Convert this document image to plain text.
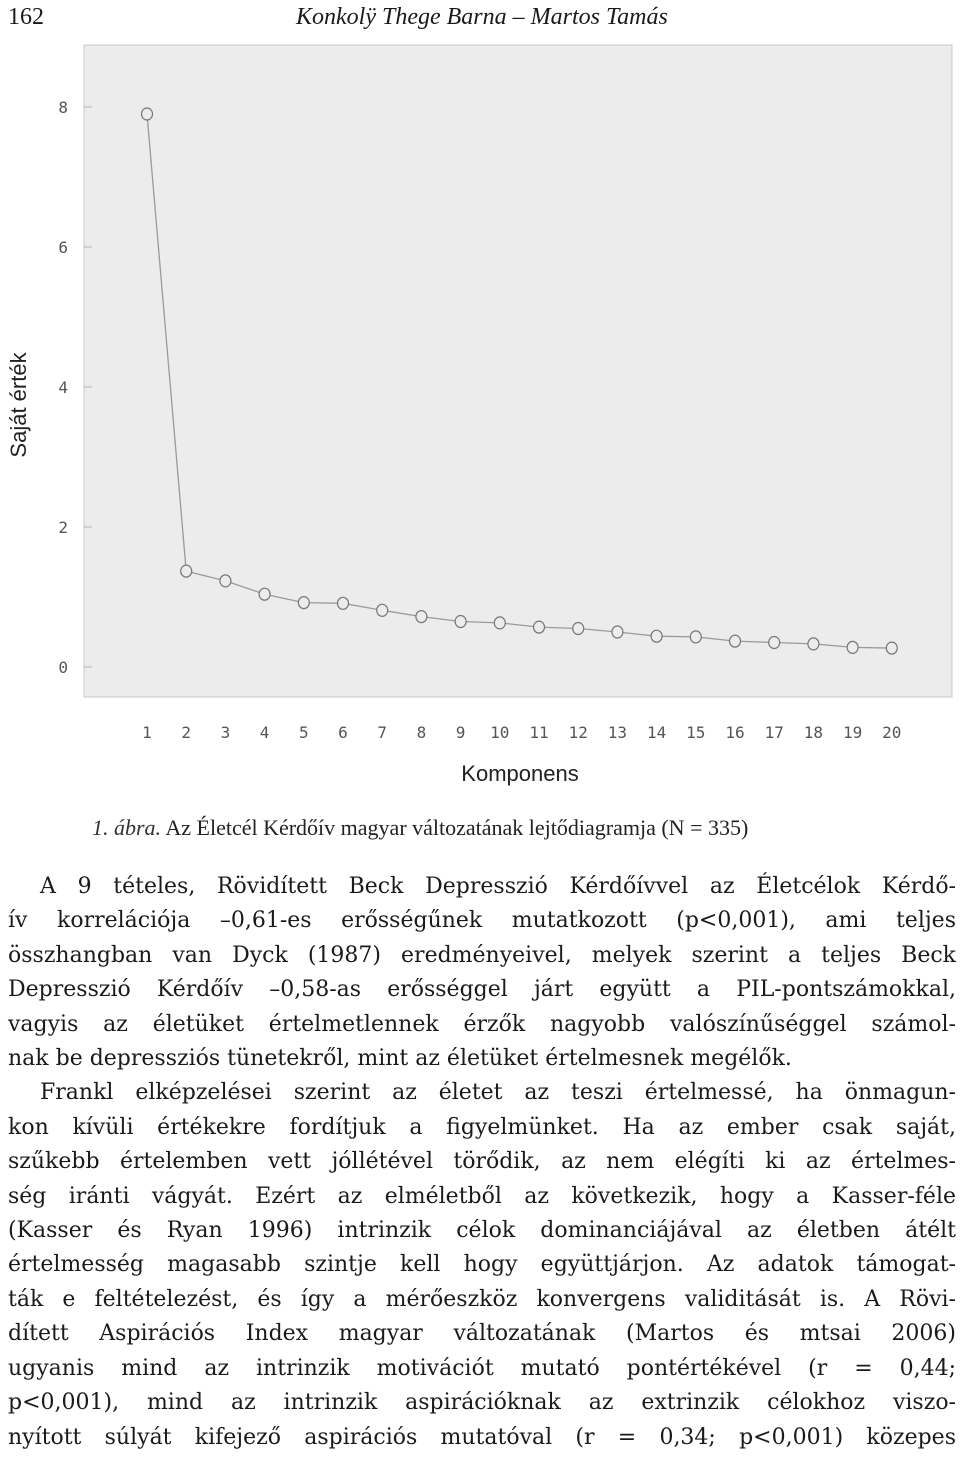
162	Konkolÿ Thege Barna – Martos Tamás
Saját érték
0
2
4
6
8
1 2 3 4 5 6 7 8 9 10 11 12 13 14 15 16 17 18 19 20
Komponens
1. ábra. Az Életcél Kérdőív magyar változatának lejtődiagramja (N = 335)
A 9 tételes, Rövidített Beck Depresszió Kérdőívvel az Életcélok Kérdő-
ív korrelációja –0,61-es erősségűnek mutatkozott (p<0,001), ami teljes
összhangban van Dyck (1987) eredményeivel, melyek szerint a teljes Beck
Depresszió Kérdőív –0,58-as erősséggel járt együtt a PIL-pontszámokkal,
vagyis az életüket értelmetlennek érzők nagyobb valószínűséggel számol-
nak be depressziós tünetekről, mint az életüket értelmesnek megélők.
Frankl elképzelései szerint az életet az teszi értelmessé, ha önmagun-
kon kívüli értékekre fordítjuk a figyelmünket. Ha az ember csak saját,
szűkebb értelemben vett jóllétével törődik, az nem elégíti ki az értelmes-
ség iránti vágyát. Ezért az elméletből az következik, hogy a Kasser-féle
(Kasser és Ryan 1996) intrinzik célok dominanciájával az életben átélt
értelmesség magasabb szintje kell hogy együttjárjon. Az adatok támogat-
ták e feltételezést, és így a mérőeszköz konvergens validitását is. A Rövi-
dített Aspirációs Index magyar változatának (Martos és mtsai 2006)
ugyanis mind az intrinzik motivációt mutató pontértékével (r = 0,44;
p<0,001), mind az intrinzik aspirációknak az extrinzik célokhoz viszo-
nyított súlyát kifejező aspirációs mutatóval (r = 0,34; p<0,001) közepes
